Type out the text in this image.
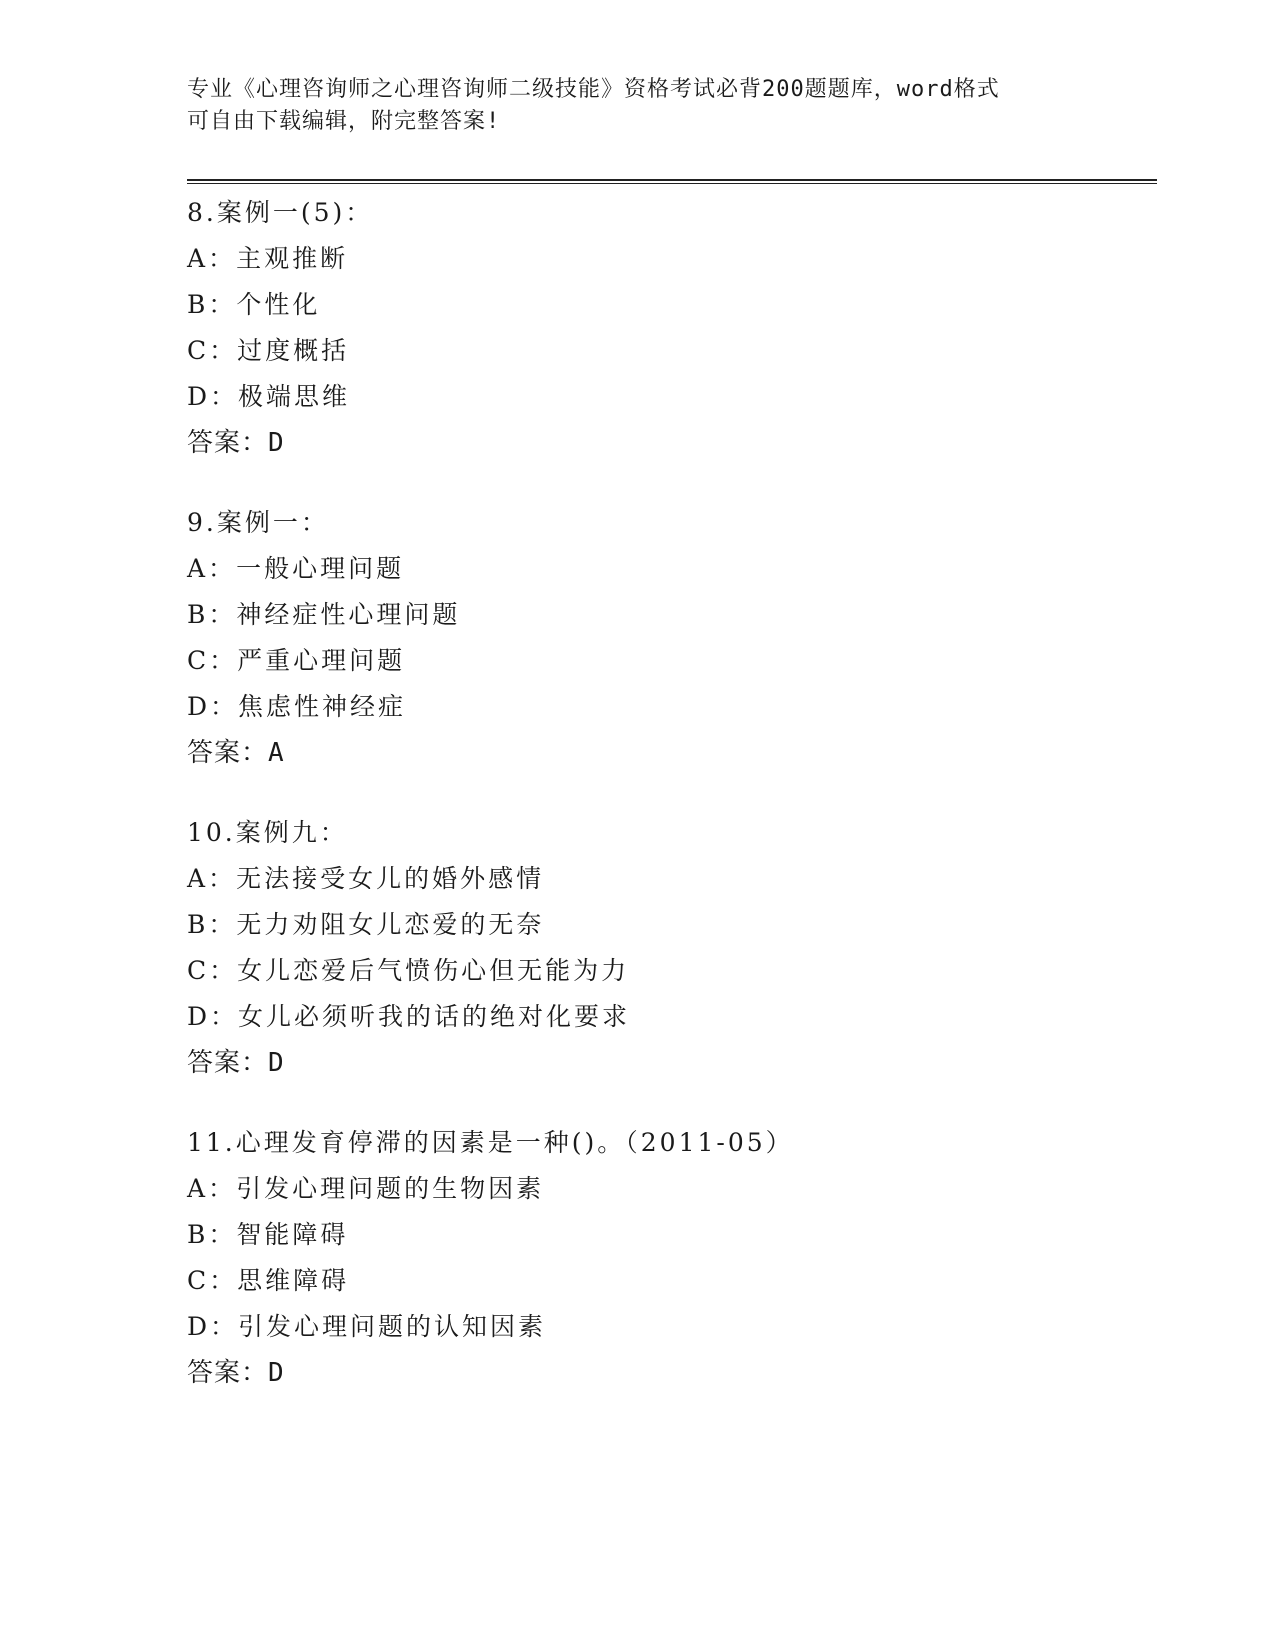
专业《心理咨询师之心理咨询师二级技能》资格考试必背200题题库，word格式
可自由下载编辑，附完整答案!
8.案例一(5)：
A：主观推断
B：个性化
C：过度概括
D：极端思维
答案：D
9.案例一：
A：一般心理问题
B：神经症性心理问题
C：严重心理问题
D：焦虑性神经症
答案：A
10.案例九：
A：无法接受女儿的婚外感情
B：无力劝阻女儿恋爱的无奈
C：女儿恋爱后气愤伤心但无能为力
D：女儿必须听我的话的绝对化要求
答案：D
11.心理发育停滞的因素是一种()。（2011-05）
A：引发心理问题的生物因素
B：智能障碍
C：思维障碍
D：引发心理问题的认知因素
答案：D
